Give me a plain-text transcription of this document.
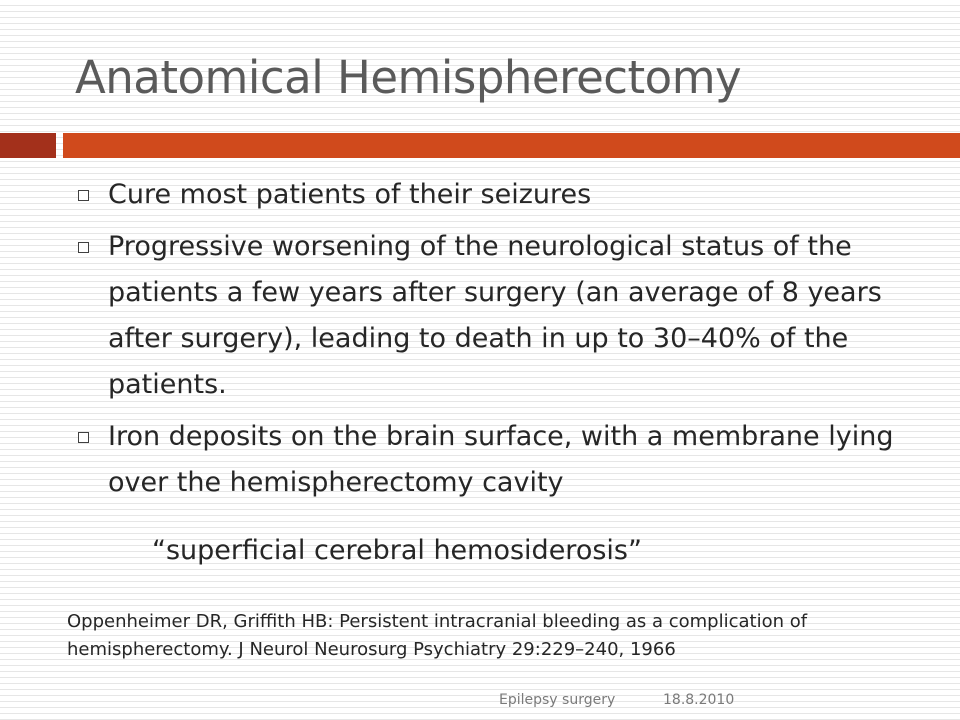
Anatomical Hemispherectomy
Cure most patients of their seizures
Progressive worsening of the neurological status of the patients a few years after surgery (an average of 8 years after surgery), leading to death in up to 30–40% of the patients.
Iron deposits on the brain surface, with a membrane lying over the hemispherectomy cavity
“superficial cerebral hemosiderosis”
Oppenheimer DR, Griffith HB: Persistent intracranial bleeding as a complication of hemispherectomy. J Neurol Neurosurg Psychiatry 29:229–240, 1966
Epilepsy surgery	18.8.2010
